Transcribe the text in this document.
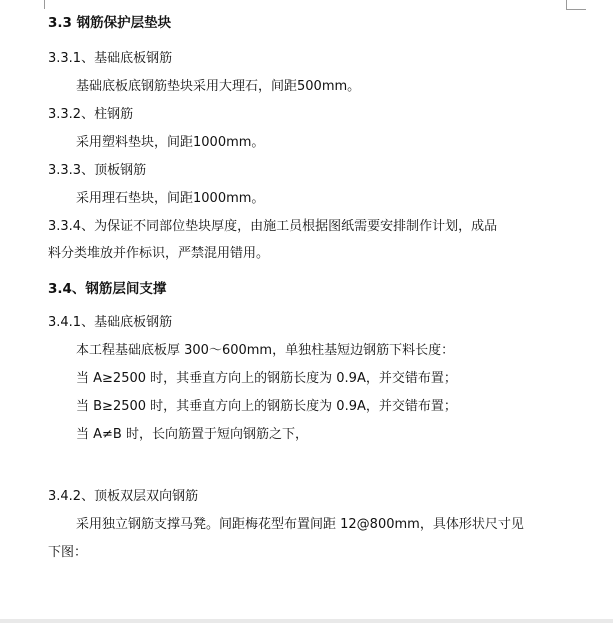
3.3 钢筋保护层垫块
3.3.1、基础底板钢筋
基础底板底钢筋垫块采用大理石，间距500mm。
3.3.2、柱钢筋
采用塑料垫块，间距1000mm。
3.3.3、顶板钢筋
采用理石垫块，间距1000mm。
3.3.4、为保证不同部位垫块厚度，由施工员根据图纸需要安排制作计划，成品
料分类堆放并作标识，严禁混用错用。
3.4、钢筋层间支撑
3.4.1、基础底板钢筋
本工程基础底板厚 300～600mm，单独柱基短边钢筋下料长度：
当 A≥2500 时，其垂直方向上的钢筋长度为 0.9A，并交错布置；
当 B≥2500 时，其垂直方向上的钢筋长度为 0.9A，并交错布置；
当 A≠B 时，长向筋置于短向钢筋之下，
3.4.2、顶板双层双向钢筋
采用独立钢筋支撑马凳。间距梅花型布置间距 12@800mm，具体形状尺寸见
下图：
